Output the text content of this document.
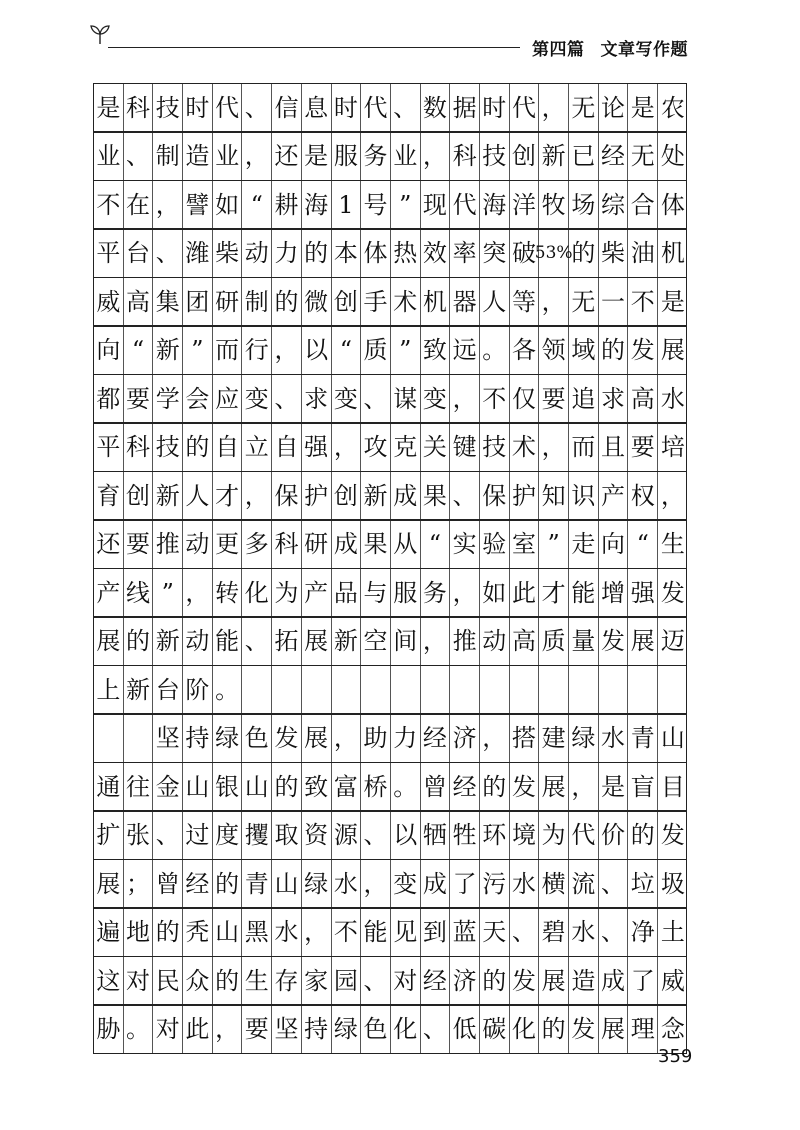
第四篇 文章写作题
是 科 技 时 代 、 信 息 时 代 、 数 据 时 代 ， 无 论 是 农
业 、 制 造 业 ， 还 是 服 务 业 ， 科 技 创 新 已 经 无 处
不 在 ， 譬 如 “ 耕 海 1 号 ” 现 代 海 洋 牧 场 综 合 体
平 台 、 潍 柴 动 力 的 本 体 热 效 率 突 破
53%
的 柴 油 机
威 高 集 团 研 制 的 微 创 手 术 机 器 人 等 ， 无 一 不 是
向 “ 新 ” 而 行 ， 以 “ 质 ” 致 远 。 各 领 域 的 发 展
都 要 学 会 应 变 、 求 变 、 谋 变 ， 不 仅 要 追 求 高 水
平 科 技 的 自 立 自 强 ， 攻 克 关 键 技 术 ， 而 且 要 培
育 创 新 人 才 ， 保 护 创 新 成 果 、 保 护 知 识 产 权 ，
还 要 推 动 更 多 科 研 成 果 从 “ 实 验 室 ” 走 向 “ 生
产 线 ” ， 转 化 为 产 品 与 服 务 ， 如 此 才 能 增 强 发
展 的 新 动 能 、 拓 展 新 空 间 ， 推 动 高 质 量 发 展 迈
上 新 台 阶 。
坚 持 绿 色 发 展 ， 助 力 经 济 ， 搭 建 绿 水 青 山
通 往 金 山 银 山 的 致 富 桥 。 曾 经 的 发 展 ， 是 盲 目
扩 张 、 过 度 攫 取 资 源 、 以 牺 牲 环 境 为 代 价 的 发
展 ； 曾 经 的 青 山 绿 水 ， 变 成 了 污 水 横 流 、 垃 圾
遍 地 的 秃 山 黑 水 ， 不 能 见 到 蓝 天 、 碧 水 、 净 土
这 对 民 众 的 生 存 家 园 、 对 经 济 的 发 展 造 成 了 威
胁 。 对 此 ， 要 坚 持 绿 色 化 、 低 碳 化 的 发 展 理 念
359
